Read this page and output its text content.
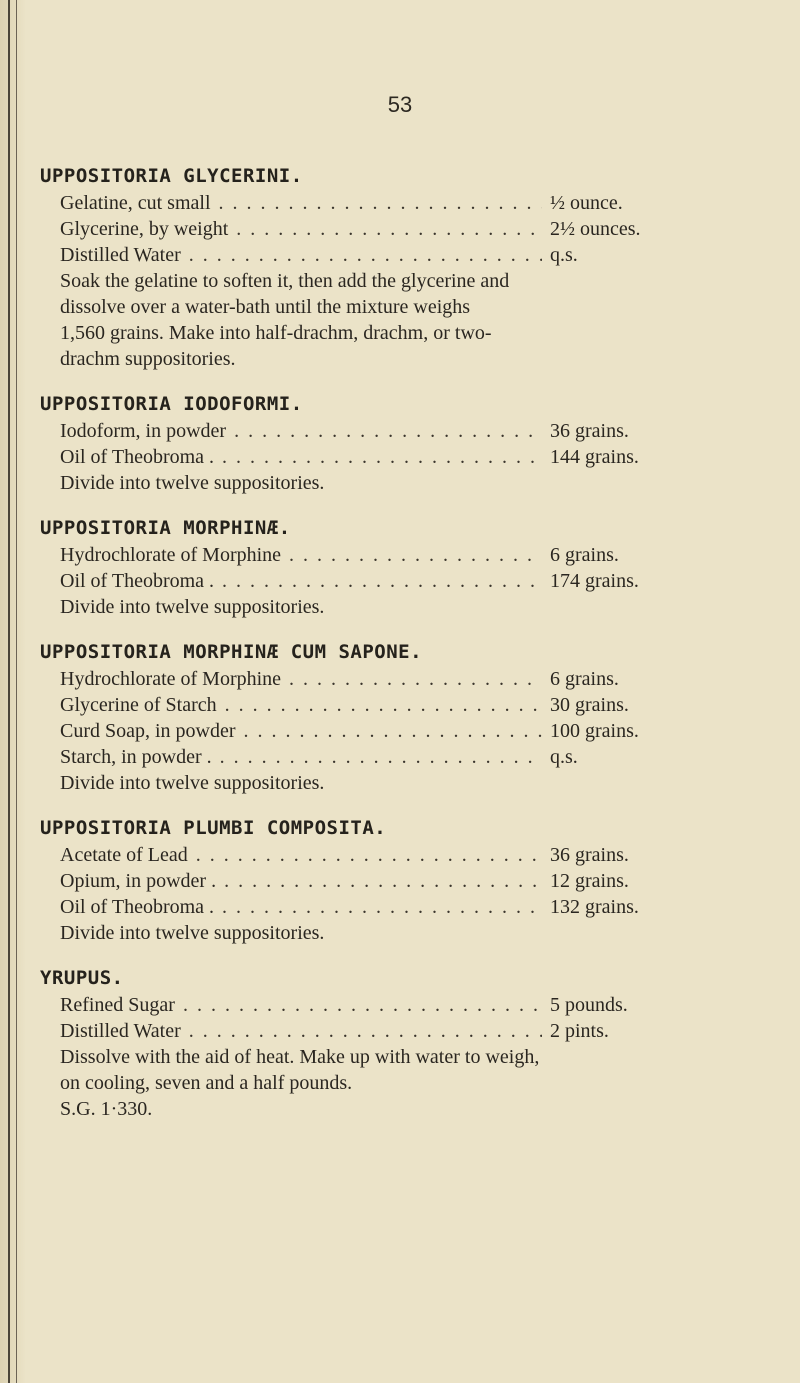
53
UPPOSITORIA GLYCERINI.
Gelatine, cut small . . .	½ ounce.
Glycerine, by weight . . .	2½ ounces.
Distilled Water . . .	q.s.
Soak the gelatine to soften it, then add the glycerine and dissolve over a water-bath until the mixture weighs 1,560 grains. Make into half-drachm, drachm, or two-drachm suppositories.
UPPOSITORIA IODOFORMI.
Iodoform, in powder . . .	36 grains.
Oil of Theobroma . . . .	144 grains.
Divide into twelve suppositories.
UPPOSITORIA MORPHINÆ.
Hydrochlorate of Morphine . . .	6 grains.
Oil of Theobroma . . . .	174 grains.
Divide into twelve suppositories.
UPPOSITORIA MORPHINÆ CUM SAPONE.
Hydrochlorate of Morphine . . .	6 grains.
Glycerine of Starch . . .	30 grains.
Curd Soap, in powder . . .	100 grains.
Starch, in powder . . . .	q.s.
Divide into twelve suppositories.
UPPOSITORIA PLUMBI COMPOSITA.
Acetate of Lead . . .	36 grains.
Opium, in powder . . . .	12 grains.
Oil of Theobroma . . . .	132 grains.
Divide into twelve suppositories.
YRUPUS.
Refined Sugar . . .	5 pounds.
Distilled Water . . .	2 pints.
Dissolve with the aid of heat. Make up with water to weigh, on cooling, seven and a half pounds.
S.G. 1·330.
